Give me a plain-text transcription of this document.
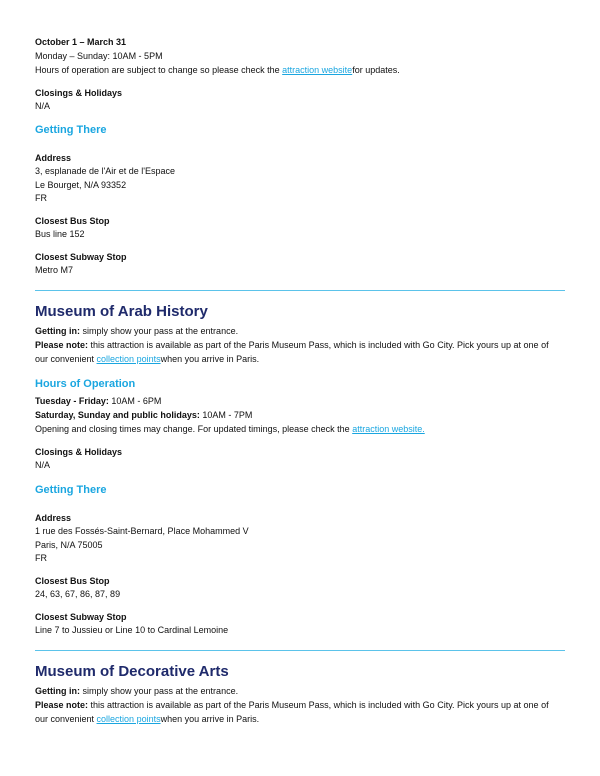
October 1 – March 31
Monday – Sunday: 10AM - 5PM
Hours of operation are subject to change so please check the attraction websitefor updates.
Closings & Holidays
N/A
Getting There
Address
3, esplanade de l'Air et de l'Espace
Le Bourget, N/A 93352
FR
Closest Bus Stop
Bus line 152
Closest Subway Stop
Metro M7
Museum of Arab History
Getting in: simply show your pass at the entrance.
Please note: this attraction is available as part of the Paris Museum Pass, which is included with Go City. Pick yours up at one of
our convenient collection pointswhen you arrive in Paris.
Hours of Operation
Tuesday - Friday: 10AM - 6PM
Saturday, Sunday and public holidays: 10AM - 7PM
Opening and closing times may change. For updated timings, please check the attraction website.
Closings & Holidays
N/A
Getting There
Address
1 rue des Fossés-Saint-Bernard, Place Mohammed V
Paris, N/A 75005
FR
Closest Bus Stop
24, 63, 67, 86, 87, 89
Closest Subway Stop
Line 7 to Jussieu or Line 10 to Cardinal Lemoine
Museum of Decorative Arts
Getting in: simply show your pass at the entrance.
Please note: this attraction is available as part of the Paris Museum Pass, which is included with Go City. Pick yours up at one of
our convenient collection pointswhen you arrive in Paris.
